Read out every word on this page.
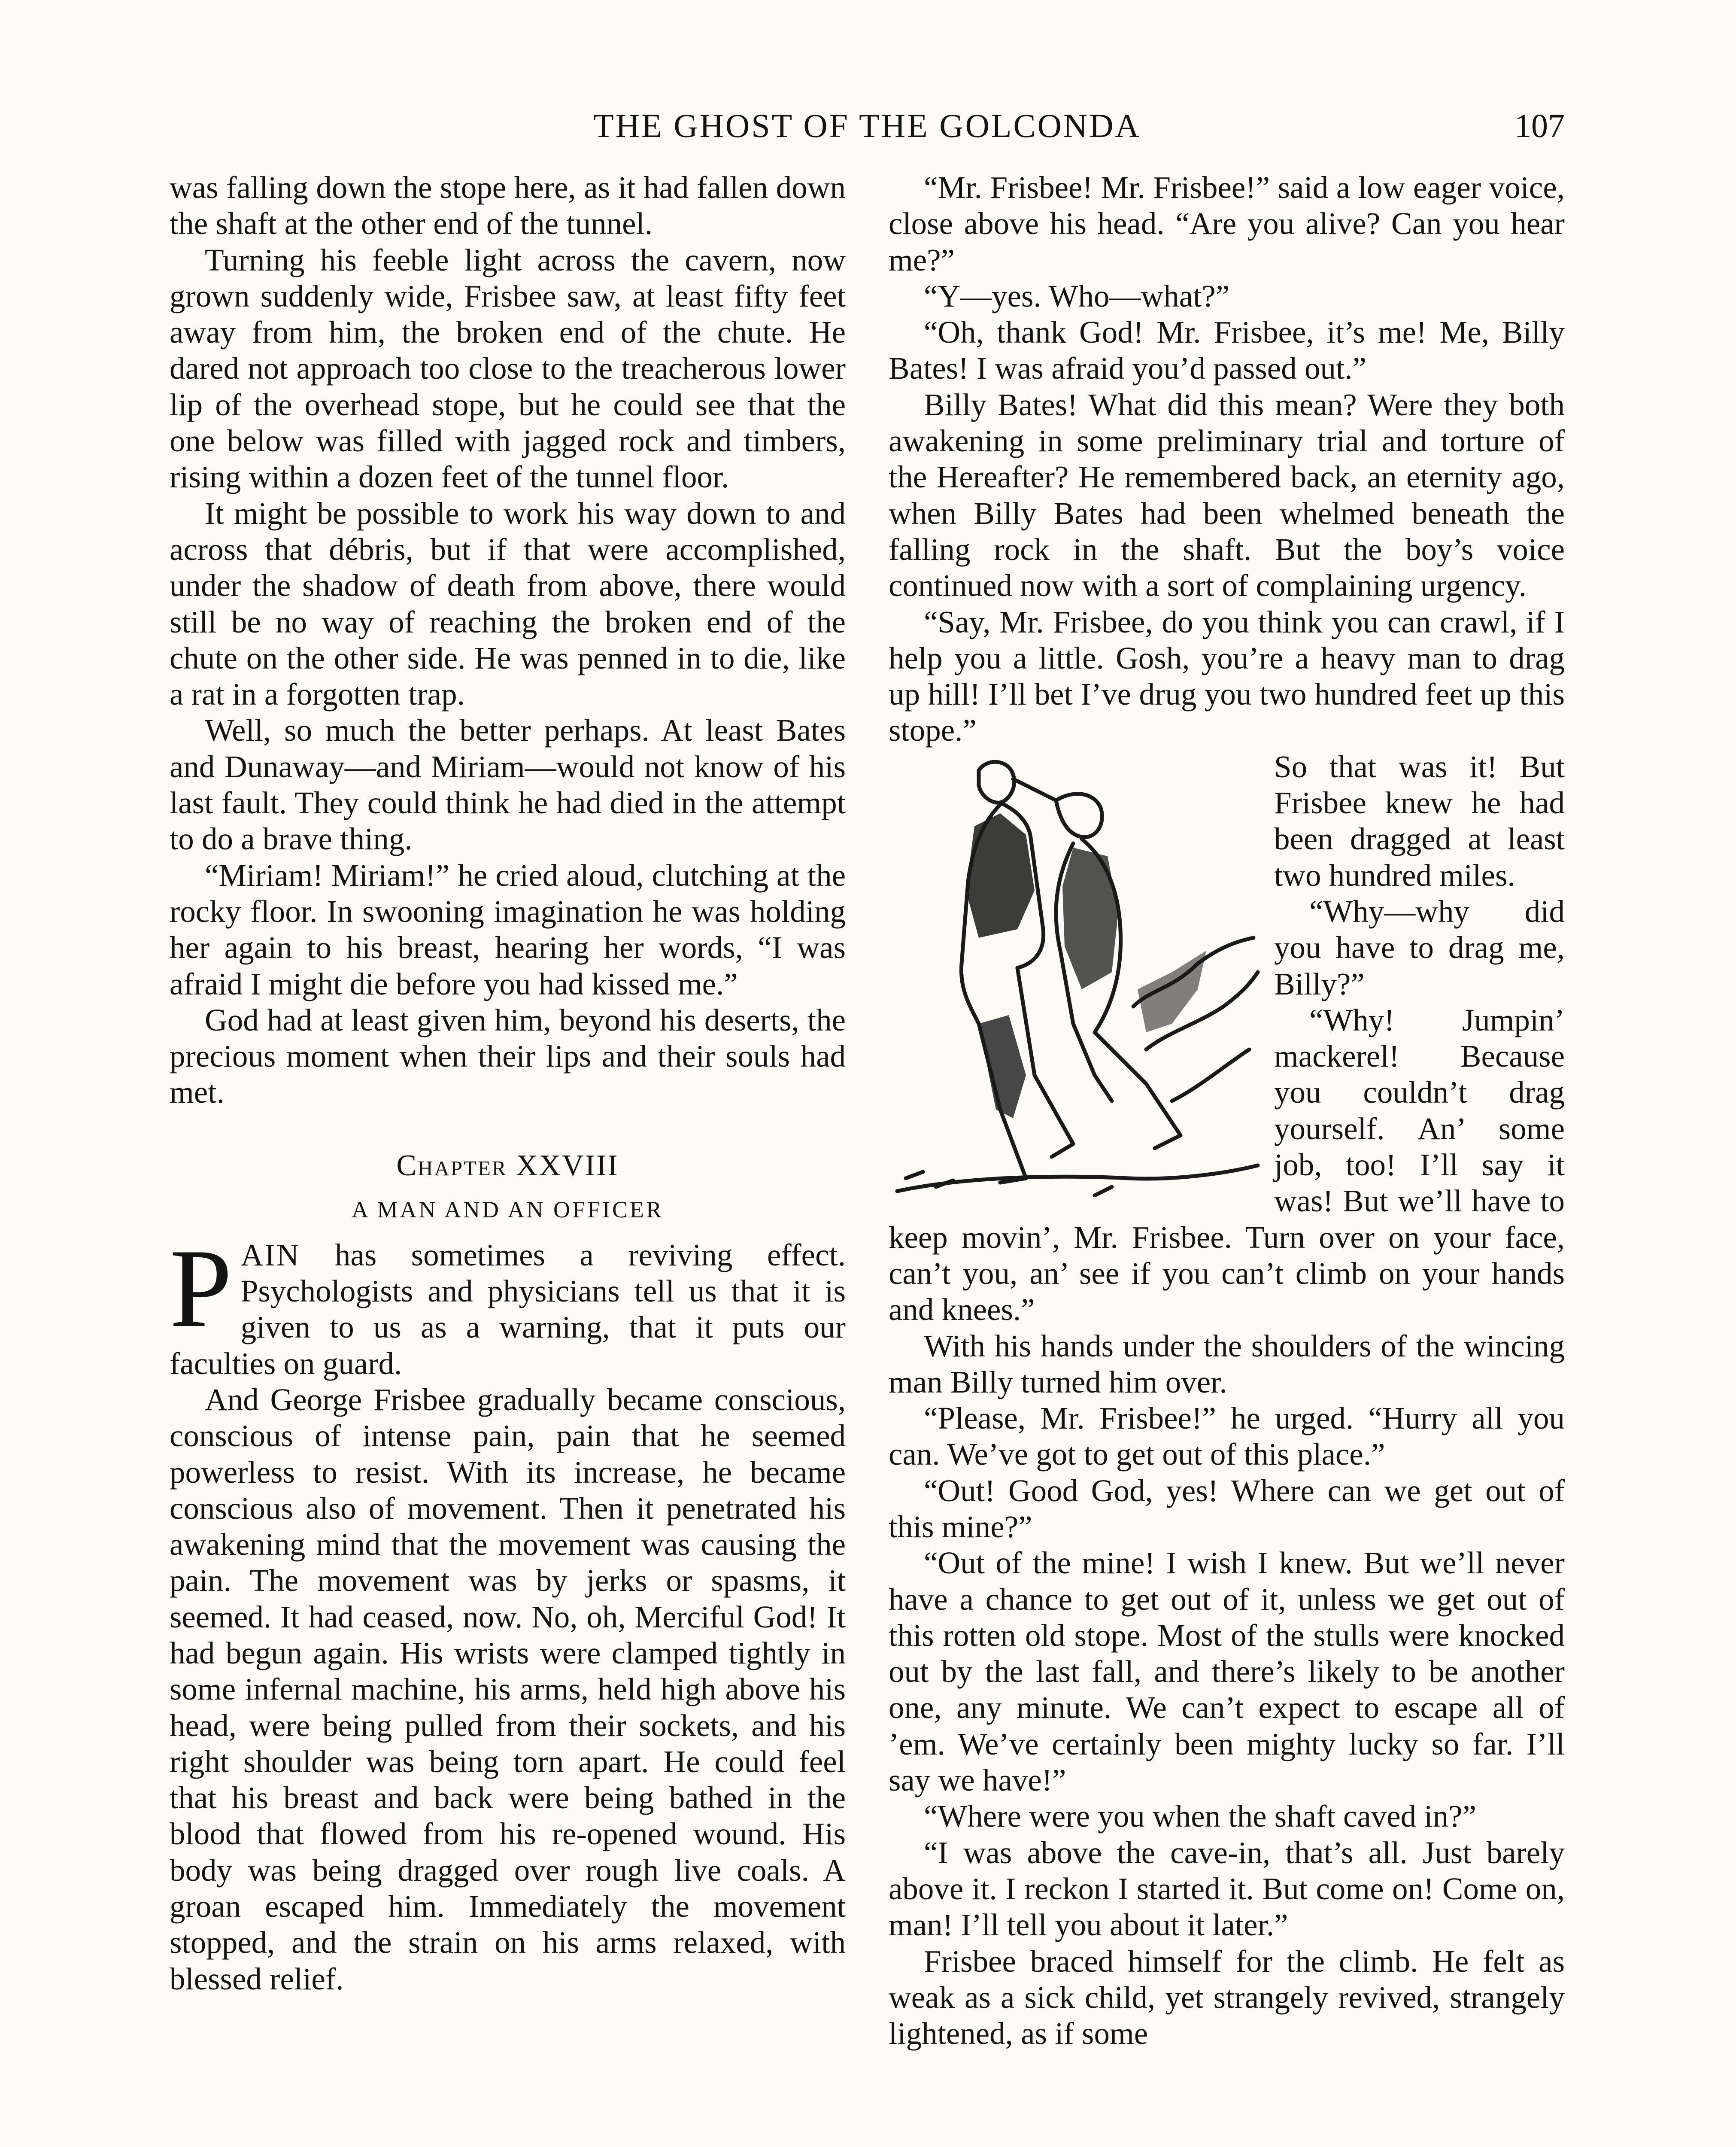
THE GHOST OF THE GOLCONDA	107

was falling down the stope here, as it had fallen down the shaft at the other end of the tunnel.

Turning his feeble light across the cavern, now grown suddenly wide, Frisbee saw, at least fifty feet away from him, the broken end of the chute. He dared not approach too close to the treacherous lower lip of the overhead stope, but he could see that the one below was filled with jagged rock and timbers, rising within a dozen feet of the tunnel floor.

It might be possible to work his way down to and across that débris, but if that were accomplished, under the shadow of death from above, there would still be no way of reaching the broken end of the chute on the other side. He was penned in to die, like a rat in a forgotten trap.

Well, so much the better perhaps. At least Bates and Dunaway—and Miriam—would not know of his last fault. They could think he had died in the attempt to do a brave thing.

“Miriam! Miriam!” he cried aloud, clutching at the rocky floor. In swooning imagination he was holding her again to his breast, hearing her words, “I was afraid I might die before you had kissed me.”

God had at least given him, beyond his deserts, the precious moment when their lips and their souls had met.

Chapter XXVIII
A MAN AND AN OFFICER

PAIN has sometimes a reviving effect. Psychologists and physicians tell us that it is given to us as a warning, that it puts our faculties on guard.

And George Frisbee gradually became conscious, conscious of intense pain, pain that he seemed powerless to resist. With its increase, he became conscious also of movement. Then it penetrated his awakening mind that the movement was causing the pain. The movement was by jerks or spasms, it seemed. It had ceased, now. No, oh, Merciful God! It had begun again. His wrists were clamped tightly in some infernal machine, his arms, held high above his head, were being pulled from their sockets, and his right shoulder was being torn apart. He could feel that his breast and back were being bathed in the blood that flowed from his re-opened wound. His body was being dragged over rough live coals. A groan escaped him. Immediately the movement stopped, and the strain on his arms relaxed, with blessed relief.

“Mr. Frisbee! Mr. Frisbee!” said a low eager voice, close above his head. “Are you alive? Can you hear me?”

“Y—yes. Who—what?”

“Oh, thank God! Mr. Frisbee, it’s me! Me, Billy Bates! I was afraid you’d passed out.”

Billy Bates! What did this mean? Were they both awakening in some preliminary trial and torture of the Hereafter? He remembered back, an eternity ago, when Billy Bates had been whelmed beneath the falling rock in the shaft. But the boy’s voice continued now with a sort of complaining urgency.

“Say, Mr. Frisbee, do you think you can crawl, if I help you a little. Gosh, you’re a heavy man to drag up hill! I’ll bet I’ve drug you two hundred feet up this stope.”

So that was it! But Frisbee knew he had been dragged at least two hundred miles.

“Why—why did you have to drag me, Billy?”

“Why! Jumpin’ mackerel! Because you couldn’t drag yourself. An’ some job, too! I’ll say it was! But we’ll have to keep movin’, Mr. Frisbee. Turn over on your face, can’t you, an’ see if you can’t climb on your hands and knees.”

With his hands under the shoulders of the wincing man Billy turned him over.

“Please, Mr. Frisbee!” he urged. “Hurry all you can. We’ve got to get out of this place.”

“Out! Good God, yes! Where can we get out of this mine?”

“Out of the mine! I wish I knew. But we’ll never have a chance to get out of it, unless we get out of this rotten old stope. Most of the stulls were knocked out by the last fall, and there’s likely to be another one, any minute. We can’t expect to escape all of ’em. We’ve certainly been mighty lucky so far. I’ll say we have!”

“Where were you when the shaft caved in?”

“I was above the cave-in, that’s all. Just barely above it. I reckon I started it. But come on! Come on, man! I’ll tell you about it later.”

Frisbee braced himself for the climb. He felt as weak as a sick child, yet strangely revived, strangely lightened, as if some
